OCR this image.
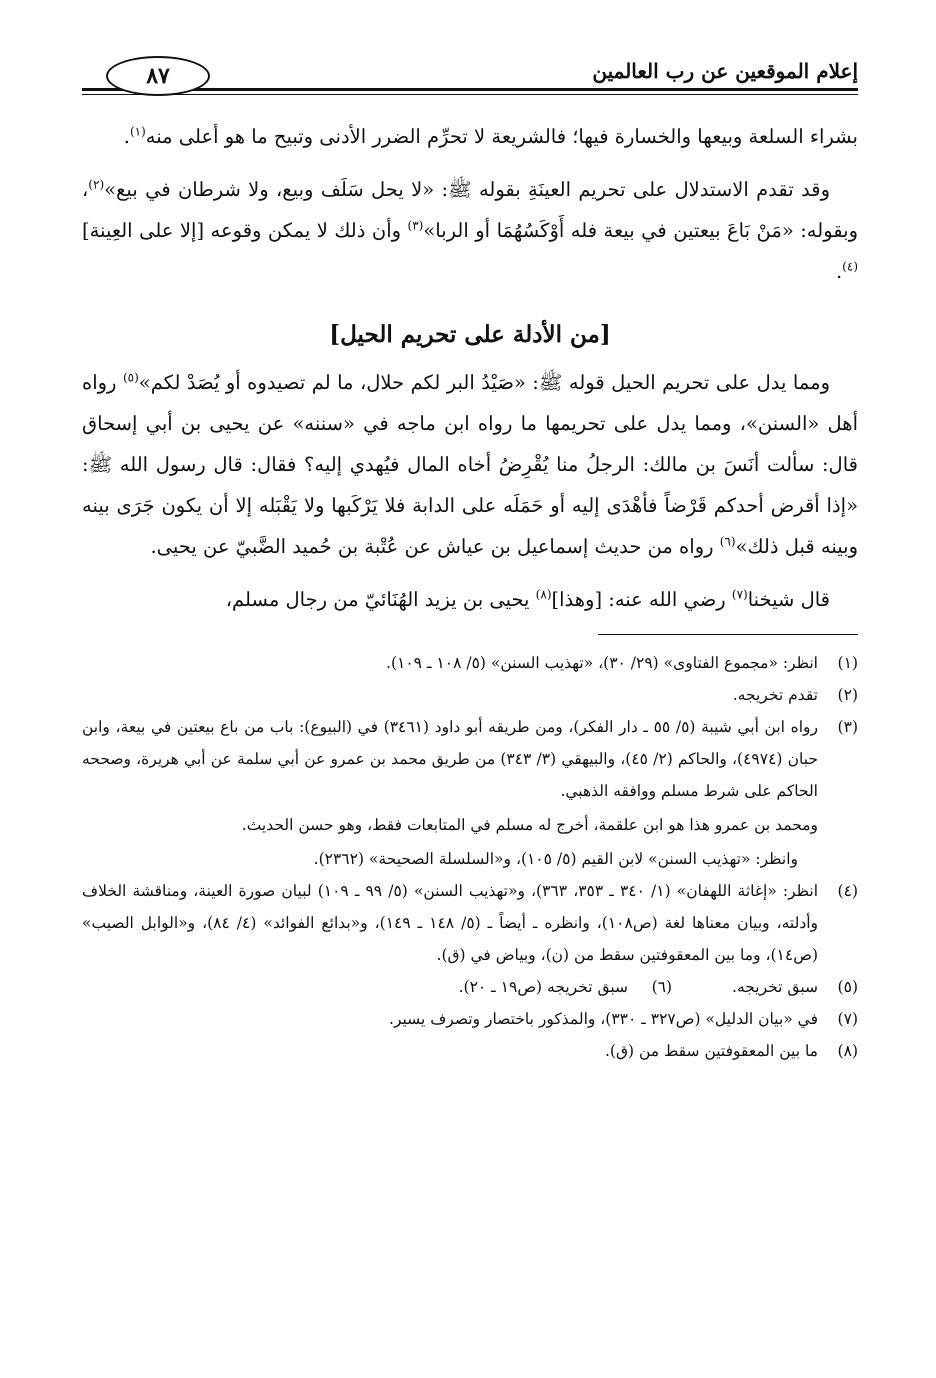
إعلام الموقعين عن رب العالمين
٨٧

بشراء السلعة وبيعها والخسارة فيها؛ فالشريعة لا تحرِّم الضرر الأدنى وتبيح ما هو أعلى منه$^{(١)}$.

وقد تقدم الاستدلال على تحريم العينَةِ بقوله ﷺ: «لا يحل سَلَف وبيع، ولا شرطان في بيع»$^{(٢)}$، وبقوله: «مَنْ بَاعَ بيعتين في بيعة فله أَوْكَسُهُمَا أو الربا»$^{(٣)}$ وأن ذلك لا يمكن وقوعه [إلا على العِينة]$^{(٤)}$.

[من الأدلة على تحريم الحيل]

ومما يدل على تحريم الحيل قوله ﷺ: «صَيْدُ البر لكم حلال، ما لم تصيدوه أو يُصَدْ لكم»$^{(٥)}$ رواه أهل «السنن»، ومما يدل على تحريمها ما رواه ابن ماجه في «سننه» عن يحيى بن أبي إسحاق قال: سألت أنَسَ بن مالك: الرجلُ منا يُقْرِضُ أخاه المال فيُهدي إليه؟ فقال: قال رسول الله ﷺ: «إذا أقرض أحدكم قَرْضاً فأهْدَى إليه أو حَمَلَه على الدابة فلا يَرْكَبها ولا يَقْبَله إلا أن يكون جَرَى بينه وبينه قبل ذلك»$^{(٦)}$ رواه من حديث إسماعيل بن عياش عن عُتْبة بن حُميد الضَّبيّ عن يحيى.

قال شيخنا$^{(٧)}$ رضي الله عنه: [وهذا]$^{(٨)}$ يحيى بن يزيد الهُنَائيّ من رجال مسلم،

(١)
انظر: «مجموع الفتاوى» (٢٩/ ٣٠)، «تهذيب السنن» (٥/ ١٠٨ ـ ١٠٩).
(٢)
تقدم تخريجه.
(٣)
رواه ابن أبي شيبة (٥/ ٥٥ ـ دار الفكر)، ومن طريقه أبو داود (٣٤٦١) في (البيوع): باب من باع بيعتين في بيعة، وابن حبان (٤٩٧٤)، والحاكم (٢/ ٤٥)، والبيهقي (٣/ ٣٤٣) من طريق محمد بن عمرو عن أبي سلمة عن أبي هريرة، وصححه الحاكم على شرط مسلم ووافقه الذهبي.
ومحمد بن عمرو هذا هو ابن علقمة، أخرج له مسلم في المتابعات فقط، وهو حسن الحديث.
وانظر: «تهذيب السنن» لابن القيم (٥/ ١٠٥)، و«السلسلة الصحيحة» (٢٣٦٢).
(٤)
انظر: «إغاثة اللهفان» (١/ ٣٤٠ ـ ٣٥٣، ٣٦٣)، و«تهذيب السنن» (٥/ ٩٩ ـ ١٠٩) لبيان صورة العينة، ومناقشة الخلاف وأدلته، وبيان معناها لغة (ص١٠٨)، وانظره ـ أيضاً ـ (٥/ ١٤٨ ـ ١٤٩)، و«بدائع الفوائد» (٤/ ٨٤)، و«الوابل الصيب» (ص١٤)، وما بين المعقوفتين سقط من (ن)، وبياض في (ق).
(٥)
سبق تخريجه.
(٦)
سبق تخريجه (ص١٩ ـ ٢٠).
(٧)
في «بيان الدليل» (ص٣٢٧ ـ ٣٣٠)، والمذكور باختصار وتصرف يسير.
(٨)
ما بين المعقوفتين سقط من (ق).
